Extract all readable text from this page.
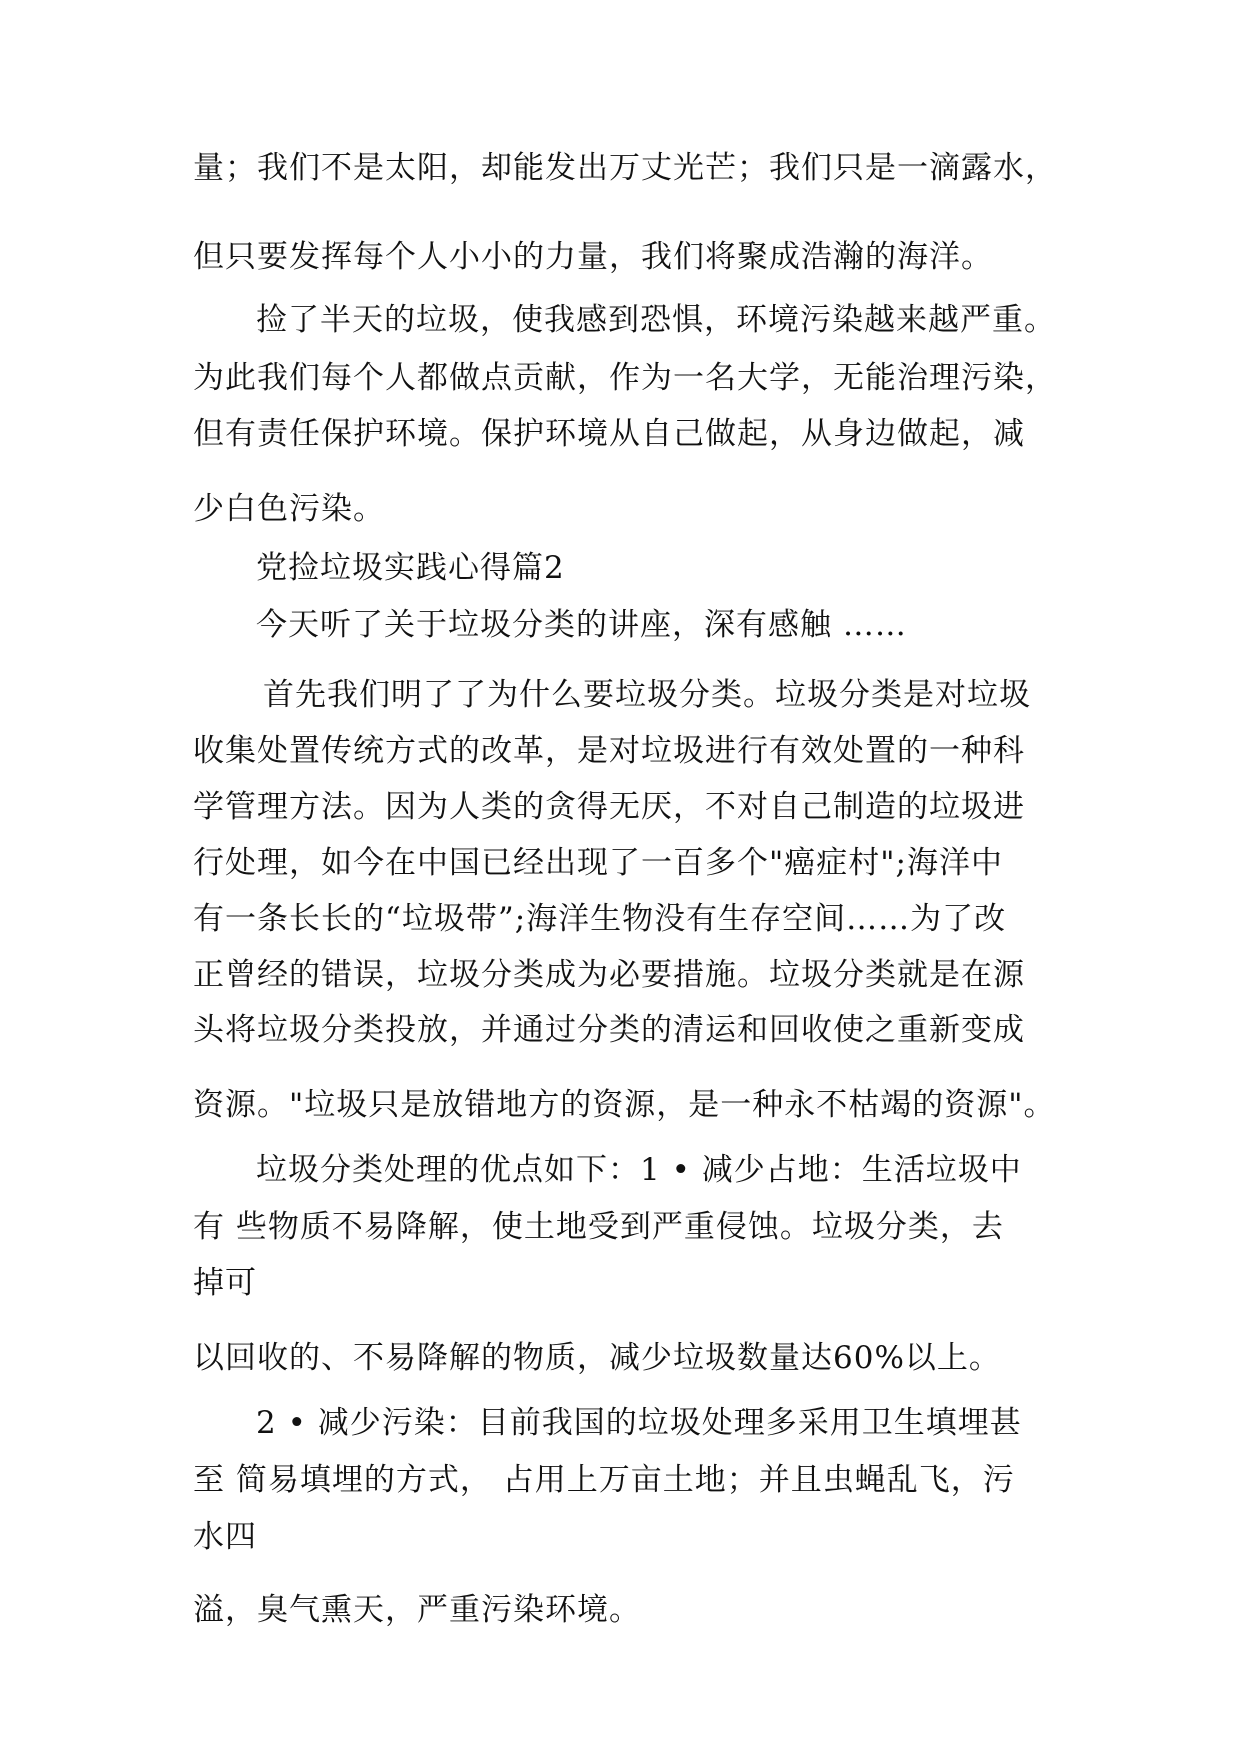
量；我们不是太阳，却能发出万丈光芒；我们只是一滴露水，
但只要发挥每个人小小的力量，我们将聚成浩瀚的海洋。
捡了半天的垃圾，使我感到恐惧，环境污染越来越严重。
为此我们每个人都做点贡献，作为一名大学，无能治理污染，
但有责任保护环境。保护环境从自己做起，从身边做起，减
少白色污染。
党捡垃圾实践心得篇2
今天听了关于垃圾分类的讲座，深有感触 ……
首先我们明了了为什么要垃圾分类。垃圾分类是对垃圾
收集处置传统方式的改革，是对垃圾进行有效处置的一种科
学管理方法。因为人类的贪得无厌，不对自己制造的垃圾进
行处理，如今在中国已经出现了一百多个"癌症村";海洋中
有一条长长的“垃圾带”;海洋生物没有生存空间……为了改
正曾经的错误，垃圾分类成为必要措施。垃圾分类就是在源
头将垃圾分类投放，并通过分类的清运和回收使之重新变成
资源。"垃圾只是放错地方的资源，是一种永不枯竭的资源"。
垃圾分类处理的优点如下：1 • 减少占地：生活垃圾中
有 些物质不易降解，使土地受到严重侵蚀。垃圾分类，去
掉可
以回收的、不易降解的物质，减少垃圾数量达60%以上。
2 • 减少污染：目前我国的垃圾处理多采用卫生填埋甚
至 简易填埋的方式， 占用上万亩土地；并且虫蝇乱飞，污
水四
溢，臭气熏天，严重污染环境。
